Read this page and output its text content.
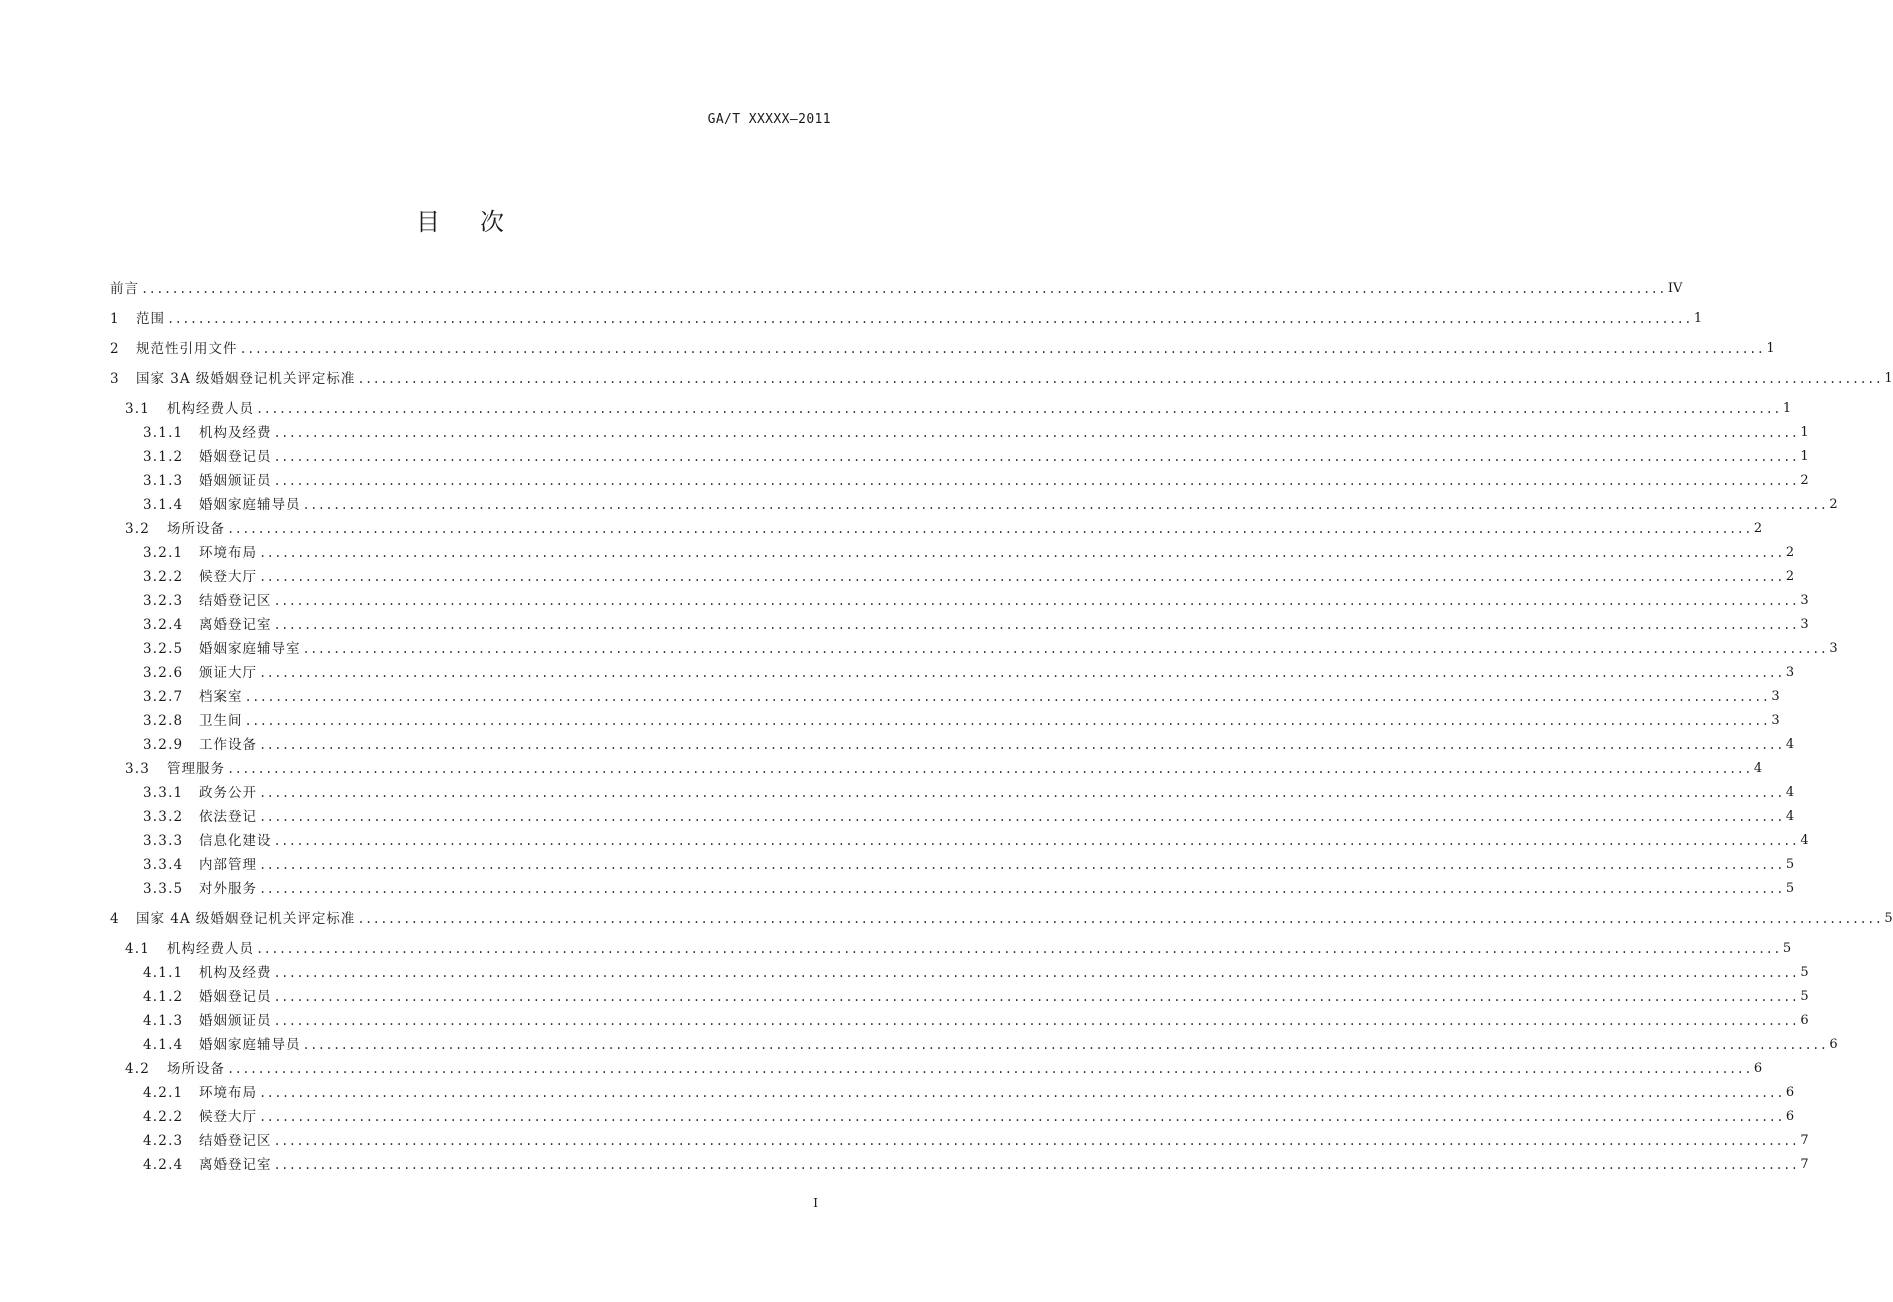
GA/T XXXXX—2011
目次
前言 ........................................................................................................................................................................................................ IV
1	范围 ........................................................................................................................................................................................................ 1
2	规范性引用文件 ........................................................................................................................................................................................................ 1
3	国家 3A 级婚姻登记机关评定标准 ........................................................................................................................................................................................................ 1
3.1	机构经费人员 ........................................................................................................................................................................................................ 1
3.1.1	机构及经费 ........................................................................................................................................................................................................ 1
3.1.2	婚姻登记员 ........................................................................................................................................................................................................ 1
3.1.3	婚姻颁证员 ........................................................................................................................................................................................................ 2
3.1.4	婚姻家庭辅导员 ........................................................................................................................................................................................................ 2
3.2	场所设备 ........................................................................................................................................................................................................ 2
3.2.1	环境布局 ........................................................................................................................................................................................................ 2
3.2.2	候登大厅 ........................................................................................................................................................................................................ 2
3.2.3	结婚登记区 ........................................................................................................................................................................................................ 3
3.2.4	离婚登记室 ........................................................................................................................................................................................................ 3
3.2.5	婚姻家庭辅导室 ........................................................................................................................................................................................................ 3
3.2.6	颁证大厅 ........................................................................................................................................................................................................ 3
3.2.7	档案室 ........................................................................................................................................................................................................ 3
3.2.8	卫生间 ........................................................................................................................................................................................................ 3
3.2.9	工作设备 ........................................................................................................................................................................................................ 4
3.3	管理服务 ........................................................................................................................................................................................................ 4
3.3.1	政务公开 ........................................................................................................................................................................................................ 4
3.3.2	依法登记 ........................................................................................................................................................................................................ 4
3.3.3	信息化建设 ........................................................................................................................................................................................................ 4
3.3.4	内部管理 ........................................................................................................................................................................................................ 5
3.3.5	对外服务 ........................................................................................................................................................................................................ 5
4	国家 4A 级婚姻登记机关评定标准 ........................................................................................................................................................................................................ 5
4.1	机构经费人员 ........................................................................................................................................................................................................ 5
4.1.1	机构及经费 ........................................................................................................................................................................................................ 5
4.1.2	婚姻登记员 ........................................................................................................................................................................................................ 5
4.1.3	婚姻颁证员 ........................................................................................................................................................................................................ 6
4.1.4	婚姻家庭辅导员 ........................................................................................................................................................................................................ 6
4.2	场所设备 ........................................................................................................................................................................................................ 6
4.2.1	环境布局 ........................................................................................................................................................................................................ 6
4.2.2	候登大厅 ........................................................................................................................................................................................................ 6
4.2.3	结婚登记区 ........................................................................................................................................................................................................ 7
4.2.4	离婚登记室 ........................................................................................................................................................................................................ 7
I
